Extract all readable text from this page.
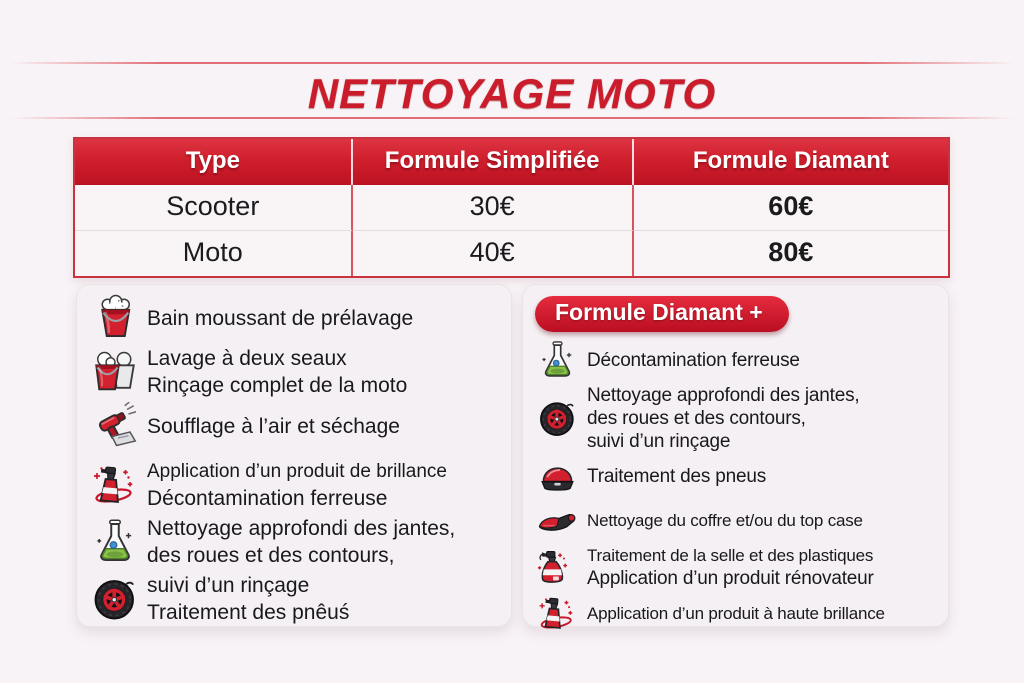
NETTOYAGE MOTO
Type	Formule Simplifiée	Formule Diamant
Scooter	30€	60€
Moto	40€	80€
Bain moussant de prélavage
Lavage à deux seaux
Rinçage complet de la moto
Soufflage à l’air et séchage
Application d’un produit de brillance
Décontamination ferreuse
Nettoyage approfondi des jantes,
des roues et des contours,
suivi d’un rinçage
Traitement des pnêuś
Formule Diamant +
Décontamination ferreuse
Nettoyage approfondi des jantes,
des roues et des contours,
suivi d’un rinçage
Traitement des pneus
Nettoyage du coffre et/ou du top case
Traitement de la selle et des plastiques
Application d’un produit rénovateur
Application d’un produit à haute brillance
